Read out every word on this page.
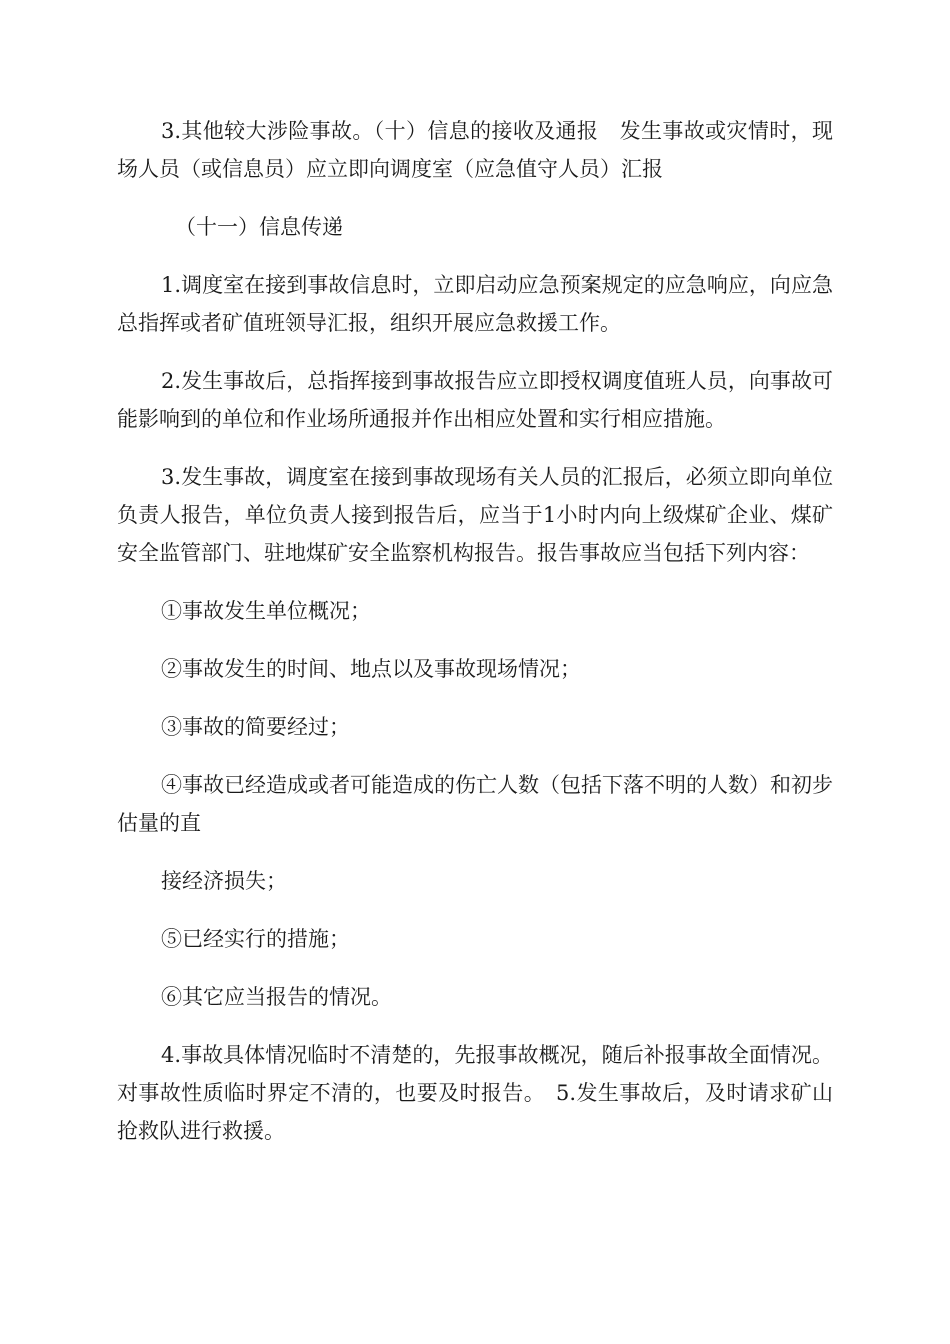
3.其他较大涉险事故。（十）信息的接收及通报　发生事故或灾情时，现场人员（或信息员）应立即向调度室（应急值守人员）汇报

（十一）信息传递

1.调度室在接到事故信息时，立即启动应急预案规定的应急响应，向应急总指挥或者矿值班领导汇报，组织开展应急救援工作。

2.发生事故后，总指挥接到事故报告应立即授权调度值班人员，向事故可能影响到的单位和作业场所通报并作出相应处置和实行相应措施。

3.发生事故，调度室在接到事故现场有关人员的汇报后，必须立即向单位负责人报告，单位负责人接到报告后，应当于1小时内向上级煤矿企业、煤矿安全监管部门、驻地煤矿安全监察机构报告。报告事故应当包括下列内容：

①事故发生单位概况；

②事故发生的时间、地点以及事故现场情况；

③事故的简要经过；

④事故已经造成或者可能造成的伤亡人数（包括下落不明的人数）和初步估量的直

接经济损失；

⑤已经实行的措施；

⑥其它应当报告的情况。

4.事故具体情况临时不清楚的，先报事故概况，随后补报事故全面情况。对事故性质临时界定不清的，也要及时报告。　5.发生事故后，及时请求矿山抢救队进行救援。
